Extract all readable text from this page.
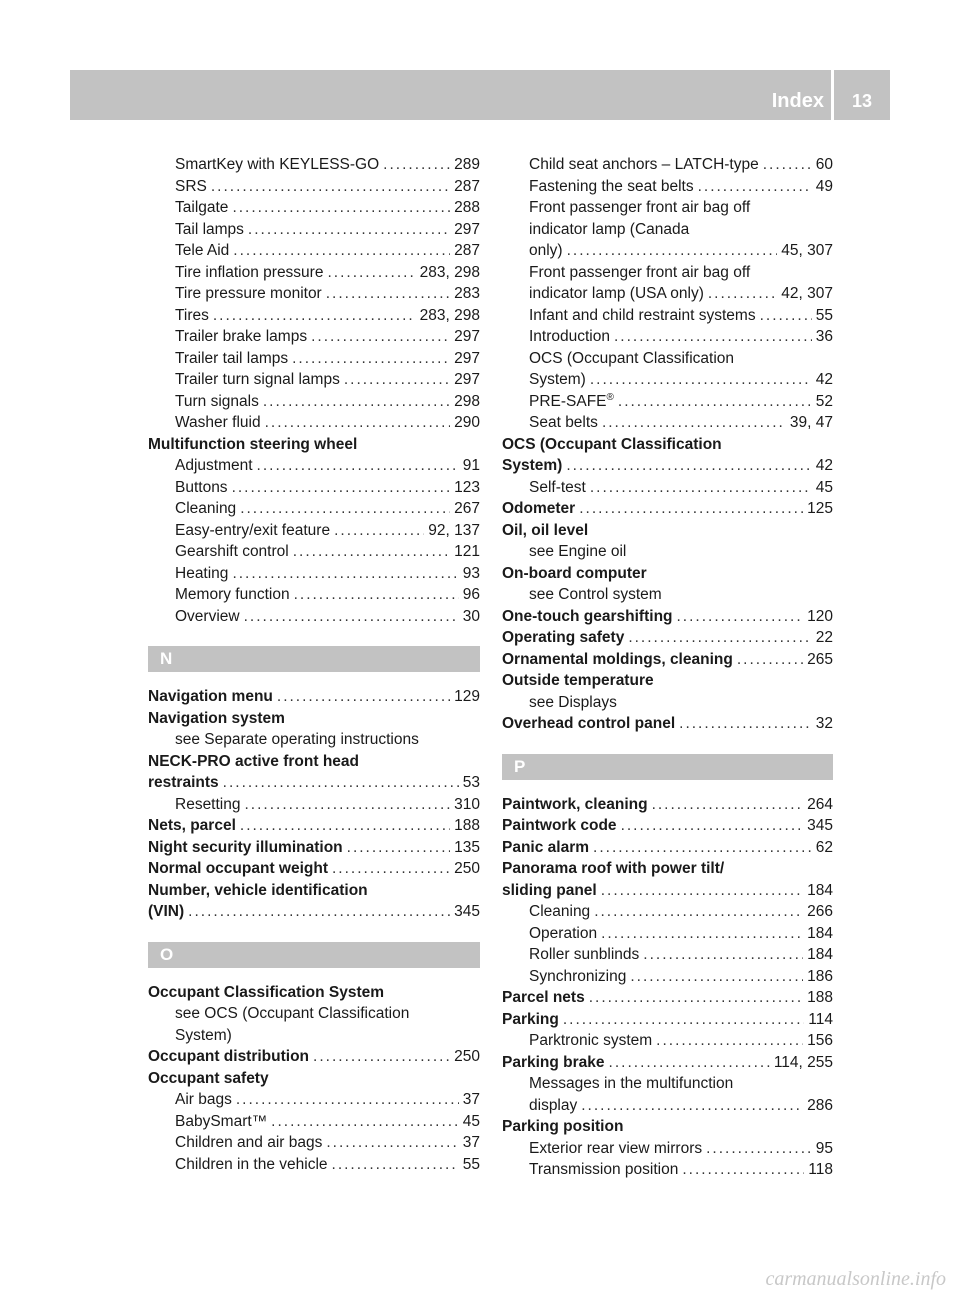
Index	13
SmartKey with KEYLESS-GO .....	289
SRS .....	287
Tailgate .....	288
Tail lamps .....	297
Tele Aid .....	287
Tire inflation pressure .....	283, 298
Tire pressure monitor .....	283
Tires .....	283, 298
Trailer brake lamps .....	297
Trailer tail lamps .....	297
Trailer turn signal lamps .....	297
Turn signals .....	298
Washer fluid .....	290
Multifunction steering wheel
Adjustment .....	91
Buttons .....	123
Cleaning .....	267
Easy-entry/exit feature .....	92, 137
Gearshift control .....	121
Heating .....	93
Memory function .....	96
Overview .....	30
N
Navigation menu .....	129
Navigation system
see Separate operating instructions
NECK-PRO active front head
restraints .....	53
Resetting .....	310
Nets, parcel .....	188
Night security illumination .....	135
Normal occupant weight .....	250
Number, vehicle identification
(VIN) .....	345
O
Occupant Classification System
see OCS (Occupant Classification
System)
Occupant distribution .....	250
Occupant safety
Air bags .....	37
BabySmart™ .....	45
Children and air bags .....	37
Children in the vehicle .....	55
Child seat anchors – LATCH-type .....	60
Fastening the seat belts .....	49
Front passenger front air bag off
indicator lamp (Canada
only) .....	45, 307
Front passenger front air bag off
indicator lamp (USA only) .....	42, 307
Infant and child restraint systems .....	55
Introduction .....	36
OCS (Occupant Classification
System) .....	42
PRE-SAFE® .....	52
Seat belts .....	39, 47
OCS (Occupant Classification
System) .....	42
Self-test .....	45
Odometer .....	125
Oil, oil level
see Engine oil
On-board computer
see Control system
One-touch gearshifting .....	120
Operating safety .....	22
Ornamental moldings, cleaning .....	265
Outside temperature
see Displays
Overhead control panel .....	32
P
Paintwork, cleaning .....	264
Paintwork code .....	345
Panic alarm .....	62
Panorama roof with power tilt/
sliding panel .....	184
Cleaning .....	266
Operation .....	184
Roller sunblinds .....	184
Synchronizing .....	186
Parcel nets .....	188
Parking .....	114
Parktronic system .....	156
Parking brake .....	114, 255
Messages in the multifunction
display .....	286
Parking position
Exterior rear view mirrors .....	95
Transmission position .....	118
carmanualsonline.info
